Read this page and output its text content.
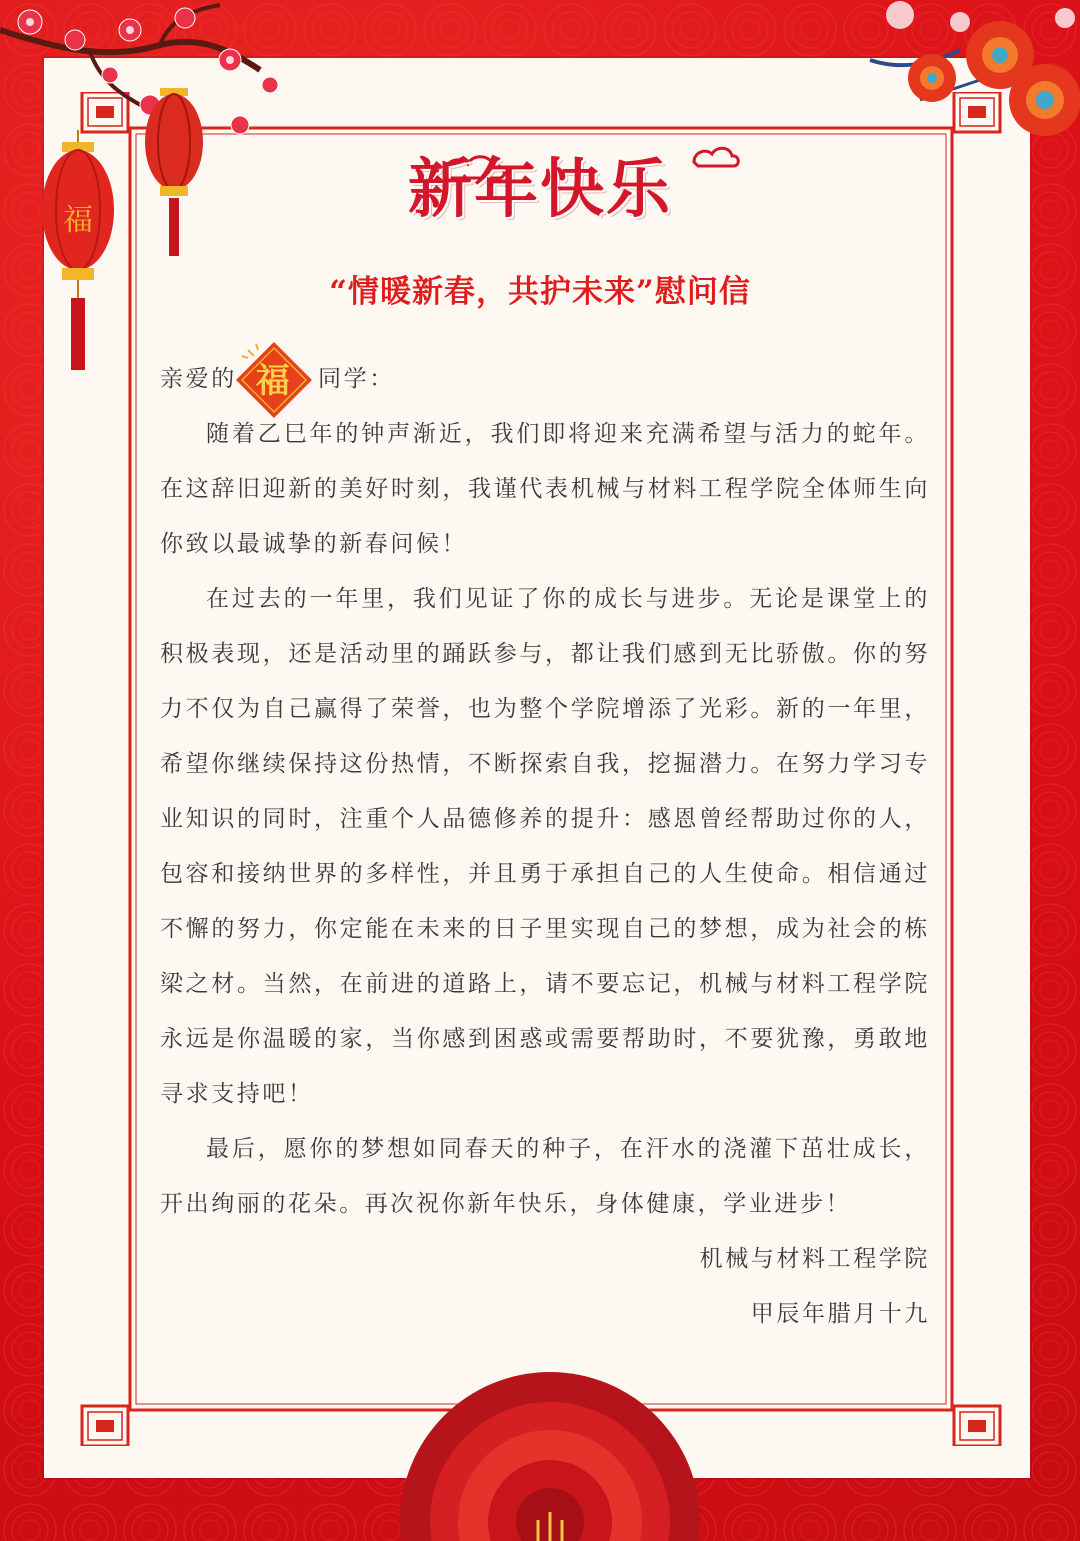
福	新年快乐
“情暖新春，共护未来”慰问信
亲爱的 福 同学：

随着乙巳年的钟声渐近，我们即将迎来充满希望与活力的蛇年。在这辞旧迎新的美好时刻，我谨代表机械与材料工程学院全体师生向你致以最诚挚的新春问候！

在过去的一年里，我们见证了你的成长与进步。无论是课堂上的积极表现，还是活动里的踊跃参与，都让我们感到无比骄傲。你的努力不仅为自己赢得了荣誉，也为整个学院增添了光彩。新的一年里，希望你继续保持这份热情，不断探索自我，挖掘潜力。在努力学习专业知识的同时，注重个人品德修养的提升：感恩曾经帮助过你的人，包容和接纳世界的多样性，并且勇于承担自己的人生使命。相信通过不懈的努力，你定能在未来的日子里实现自己的梦想，成为社会的栋梁之材。当然，在前进的道路上，请不要忘记，机械与材料工程学院永远是你温暖的家，当你感到困惑或需要帮助时，不要犹豫，勇敢地寻求支持吧！

最后，愿你的梦想如同春天的种子，在汗水的浇灌下茁壮成长，开出绚丽的花朵。再次祝你新年快乐，身体健康，学业进步！

机械与材料工程学院

甲辰年腊月十九
